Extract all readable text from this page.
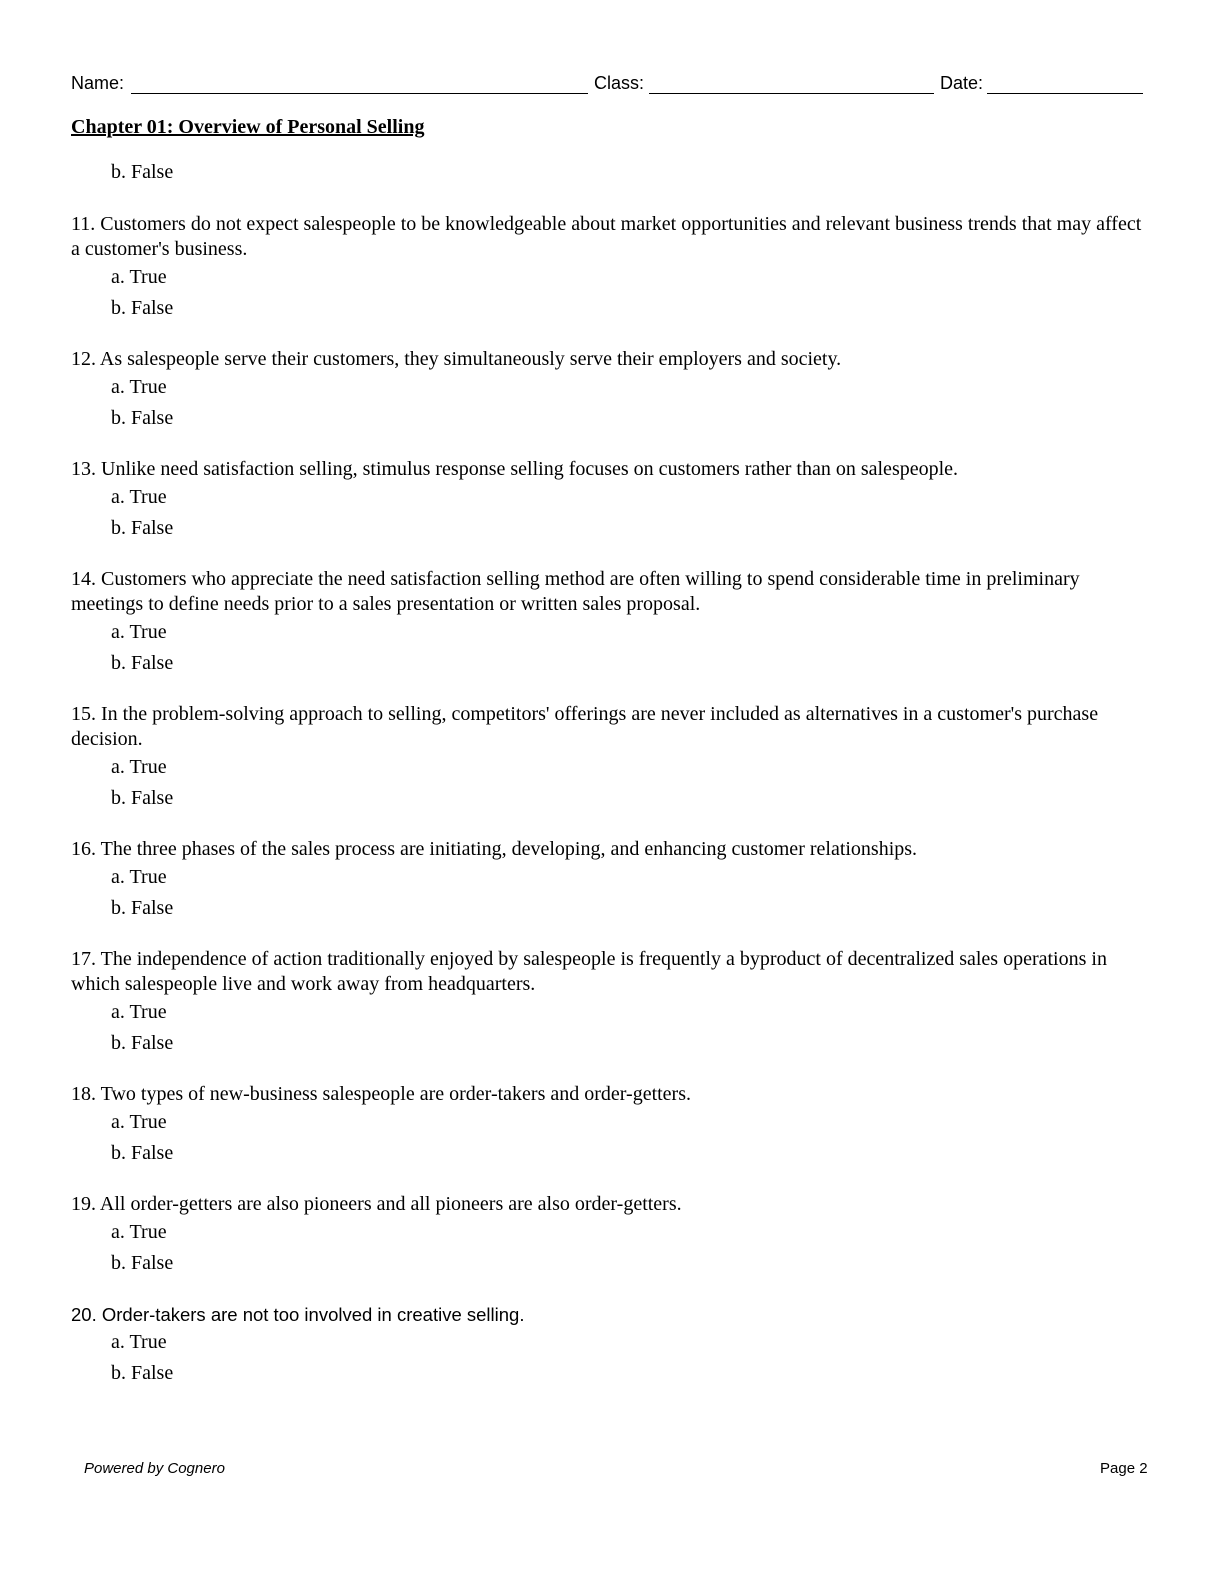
Name:	Class:	Date:
Chapter 01: Overview of Personal Selling
b. False

11. Customers do not expect salespeople to be knowledgeable about market opportunities and relevant business trends that may affect a customer's business.

a. True
b. False

12. As salespeople serve their customers, they simultaneously serve their employers and society.

a. True
b. False

13. Unlike need satisfaction selling, stimulus response selling focuses on customers rather than on salespeople.

a. True
b. False

14. Customers who appreciate the need satisfaction selling method are often willing to spend considerable time in preliminary meetings to define needs prior to a sales presentation or written sales proposal.

a. True
b. False

15. In the problem-solving approach to selling, competitors' offerings are never included as alternatives in a customer's purchase decision.

a. True
b. False

16. The three phases of the sales process are initiating, developing, and enhancing customer relationships.

a. True
b. False

17. The independence of action traditionally enjoyed by salespeople is frequently a byproduct of decentralized sales operations in which salespeople live and work away from headquarters.

a. True
b. False

18. Two types of new-business salespeople are order-takers and order-getters.

a. True
b. False

19. All order-getters are also pioneers and all pioneers are also order-getters.

a. True
b. False

20. Order-takers are not too involved in creative selling.

a. True
b. False
Powered by Cognero	Page 2
